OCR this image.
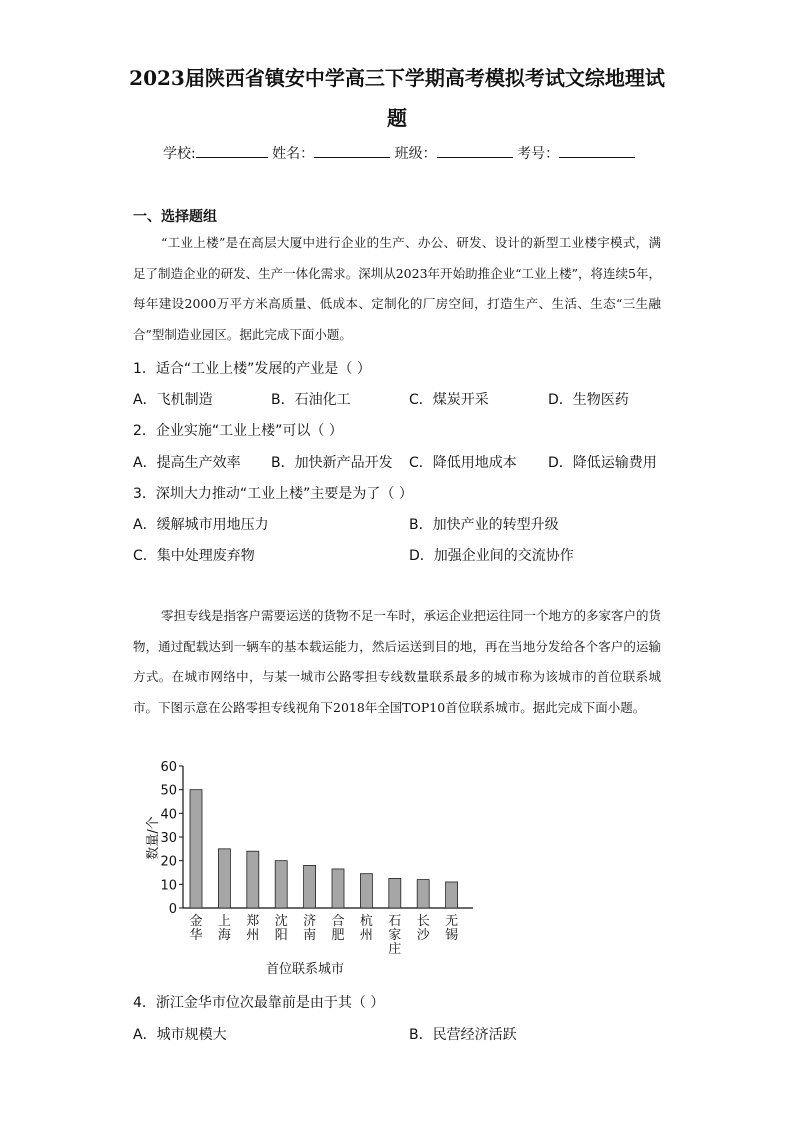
2023届陕西省镇安中学高三下学期高考模拟考试文综地理试
题
学校:	姓名：	班级：	考号：
一、选择题组
“工业上楼”是在高层大厦中进行企业的生产、办公、研发、设计的新型工业楼宇模式，满足了制造企业的研发、生产一体化需求。深圳从2023年开始助推企业“工业上楼”，将连续5年，每年建设2000万平方米高质量、低成本、定制化的厂房空间，打造生产、生活、生态“三生融合”型制造业园区。据此完成下面小题。
1．适合“工业上楼”发展的产业是（ ）
A．飞机制造	B．石油化工	C．煤炭开采	D．生物医药
2．企业实施“工业上楼”可以（ ）
A．提高生产效率 B．加快新产品开发 C．降低用地成本 D．降低运输费用
3．深圳大力推动“工业上楼”主要是为了（ ）
A．缓解城市用地压力	B．加快产业的转型升级
C．集中处理废弃物	D．加强企业间的交流协作
零担专线是指客户需要运送的货物不足一车时，承运企业把运往同一个地方的多家客户的货物，通过配载达到一辆车的基本载运能力，然后运送到目的地，再在当地分发给各个客户的运输方式。在城市网络中，与某一城市公路零担专线数量联系最多的城市称为该城市的首位联系城市。下图示意在公路零担专线视角下2018年全国TOP10首位联系城市。据此完成下面小题。
0
10
20
30
40
50
60
数量/个
金
华
上
海
郑
州
沈
阳
济
南
合
肥
杭
州
石
家
庄
长
沙
无
锡
首位联系城市
4．浙江金华市位次最靠前是由于其（ ）
A．城市规模大	B．民营经济活跃
